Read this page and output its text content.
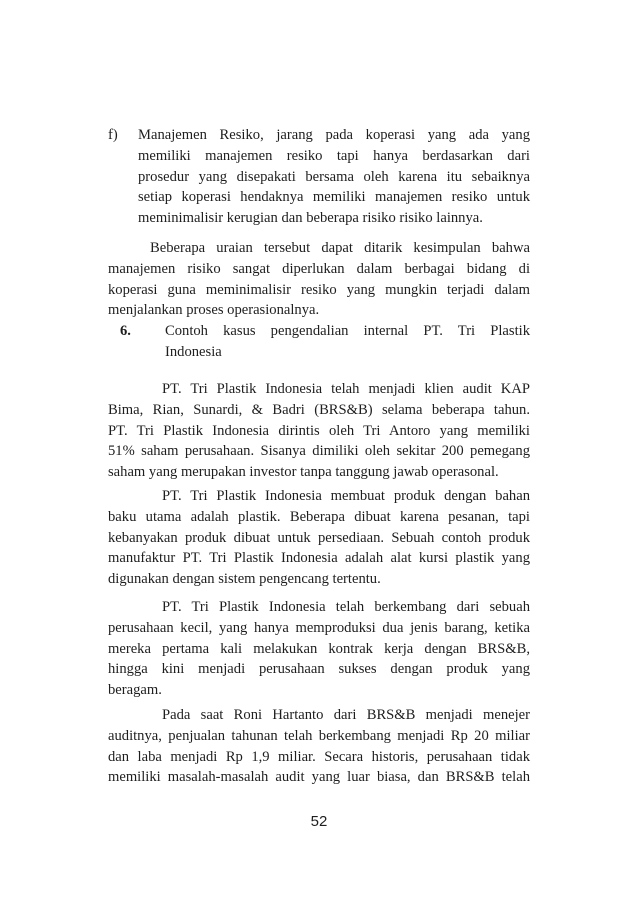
f) Manajemen Resiko, jarang pada koperasi yang ada yang
memiliki manajemen resiko tapi hanya berdasarkan dari
prosedur yang disepakati bersama oleh karena itu sebaiknya
setiap koperasi hendaknya memiliki manajemen resiko untuk
meminimalisir kerugian dan beberapa risiko risiko lainnya.
Beberapa uraian tersebut dapat ditarik kesimpulan bahwa
manajemen risiko sangat diperlukan dalam berbagai bidang di
koperasi guna meminimalisir resiko yang mungkin terjadi dalam
menjalankan proses operasionalnya.
6. Contoh kasus pengendalian internal PT. Tri Plastik
Indonesia
PT. Tri Plastik Indonesia telah menjadi klien audit KAP
Bima, Rian, Sunardi, & Badri (BRS&B) selama beberapa tahun.
PT. Tri Plastik Indonesia dirintis oleh Tri Antoro yang memiliki
51% saham perusahaan. Sisanya dimiliki oleh sekitar 200 pemegang
saham yang merupakan investor tanpa tanggung jawab operasonal.
PT. Tri Plastik Indonesia membuat produk dengan bahan
baku utama adalah plastik. Beberapa dibuat karena pesanan, tapi
kebanyakan produk dibuat untuk persediaan. Sebuah contoh produk
manufaktur PT. Tri Plastik Indonesia adalah alat kursi plastik yang
digunakan dengan sistem pengencang tertentu.
PT. Tri Plastik Indonesia telah berkembang dari sebuah
perusahaan kecil, yang hanya memproduksi dua jenis barang, ketika
mereka pertama kali melakukan kontrak kerja dengan BRS&B,
hingga kini menjadi perusahaan sukses dengan produk yang
beragam.
Pada saat Roni Hartanto dari BRS&B menjadi menejer
auditnya, penjualan tahunan telah berkembang menjadi Rp 20 miliar
dan laba menjadi Rp 1,9 miliar. Secara historis, perusahaan tidak
memiliki masalah-masalah audit yang luar biasa, dan BRS&B telah
52
